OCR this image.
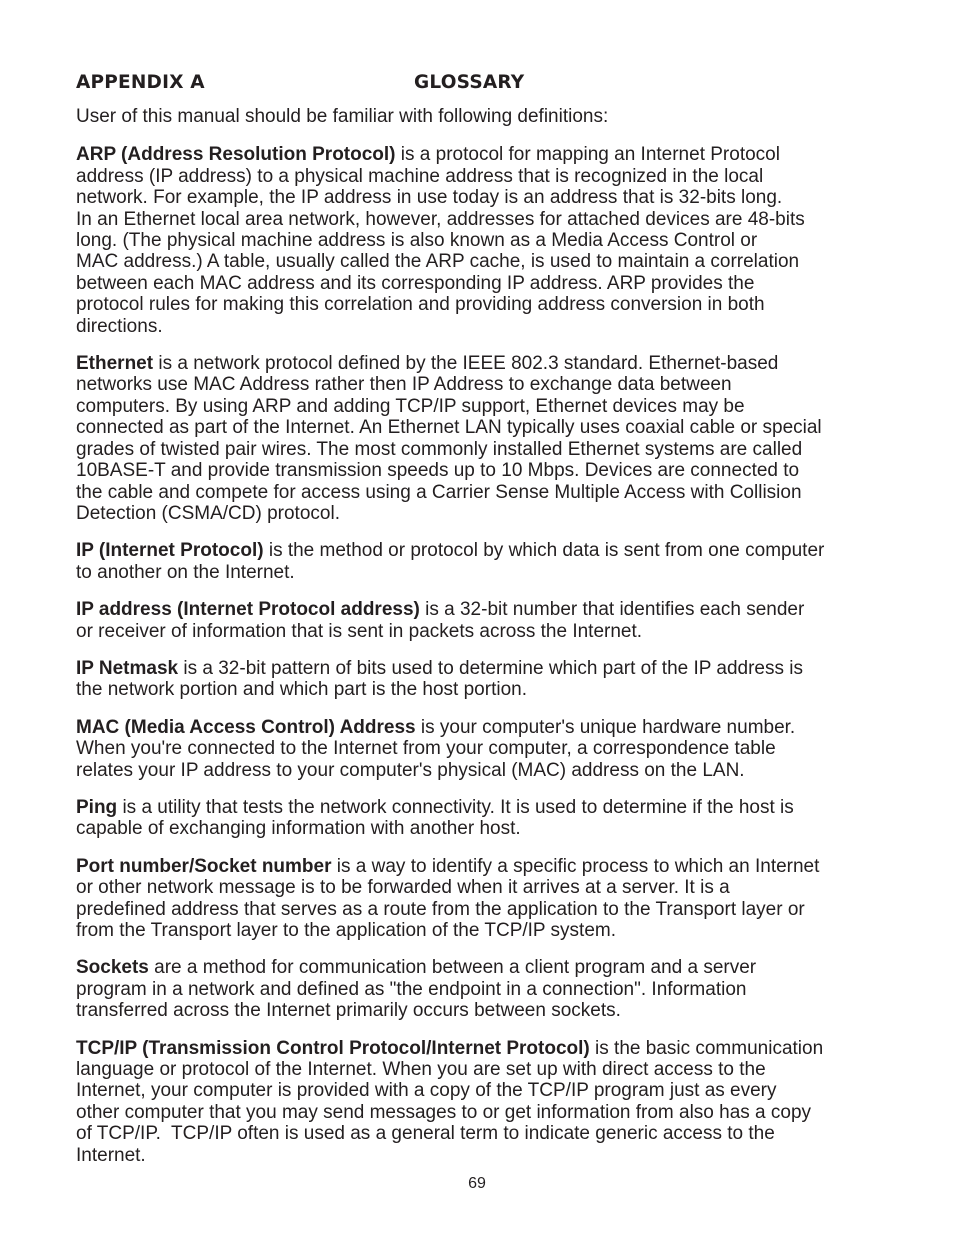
APPENDIX A	GLOSSARY

User of this manual should be familiar with following definitions:

ARP (Address Resolution Protocol) is a protocol for mapping an Internet Protocol
address (IP address) to a physical machine address that is recognized in the local
network. For example, the IP address in use today is an address that is 32-bits long.
In an Ethernet local area network, however, addresses for attached devices are 48-bits
long. (The physical machine address is also known as a Media Access Control or
MAC address.) A table, usually called the ARP cache, is used to maintain a correlation
between each MAC address and its corresponding IP address. ARP provides the
protocol rules for making this correlation and providing address conversion in both
directions.

Ethernet is a network protocol defined by the IEEE 802.3 standard. Ethernet-based
networks use MAC Address rather then IP Address to exchange data between
computers. By using ARP and adding TCP/IP support, Ethernet devices may be
connected as part of the Internet. An Ethernet LAN typically uses coaxial cable or special
grades of twisted pair wires. The most commonly installed Ethernet systems are called
10BASE-T and provide transmission speeds up to 10 Mbps. Devices are connected to
the cable and compete for access using a Carrier Sense Multiple Access with Collision
Detection (CSMA/CD) protocol.

IP (Internet Protocol) is the method or protocol by which data is sent from one computer
to another on the Internet.

IP address (Internet Protocol address) is a 32-bit number that identifies each sender
or receiver of information that is sent in packets across the Internet.

IP Netmask is a 32-bit pattern of bits used to determine which part of the IP address is
the network portion and which part is the host portion.

MAC (Media Access Control) Address is your computer's unique hardware number.
When you're connected to the Internet from your computer, a correspondence table
relates your IP address to your computer's physical (MAC) address on the LAN.

Ping is a utility that tests the network connectivity. It is used to determine if the host is
capable of exchanging information with another host.

Port number/Socket number is a way to identify a specific process to which an Internet
or other network message is to be forwarded when it arrives at a server. It is a
predefined address that serves as a route from the application to the Transport layer or
from the Transport layer to the application of the TCP/IP system.

Sockets are a method for communication between a client program and a server
program in a network and defined as "the endpoint in a connection". Information
transferred across the Internet primarily occurs between sockets.

TCP/IP (Transmission Control Protocol/Internet Protocol) is the basic communication
language or protocol of the Internet. When you are set up with direct access to the
Internet, your computer is provided with a copy of the TCP/IP program just as every
other computer that you may send messages to or get information from also has a copy
of TCP/IP.  TCP/IP often is used as a general term to indicate generic access to the
Internet.

69
